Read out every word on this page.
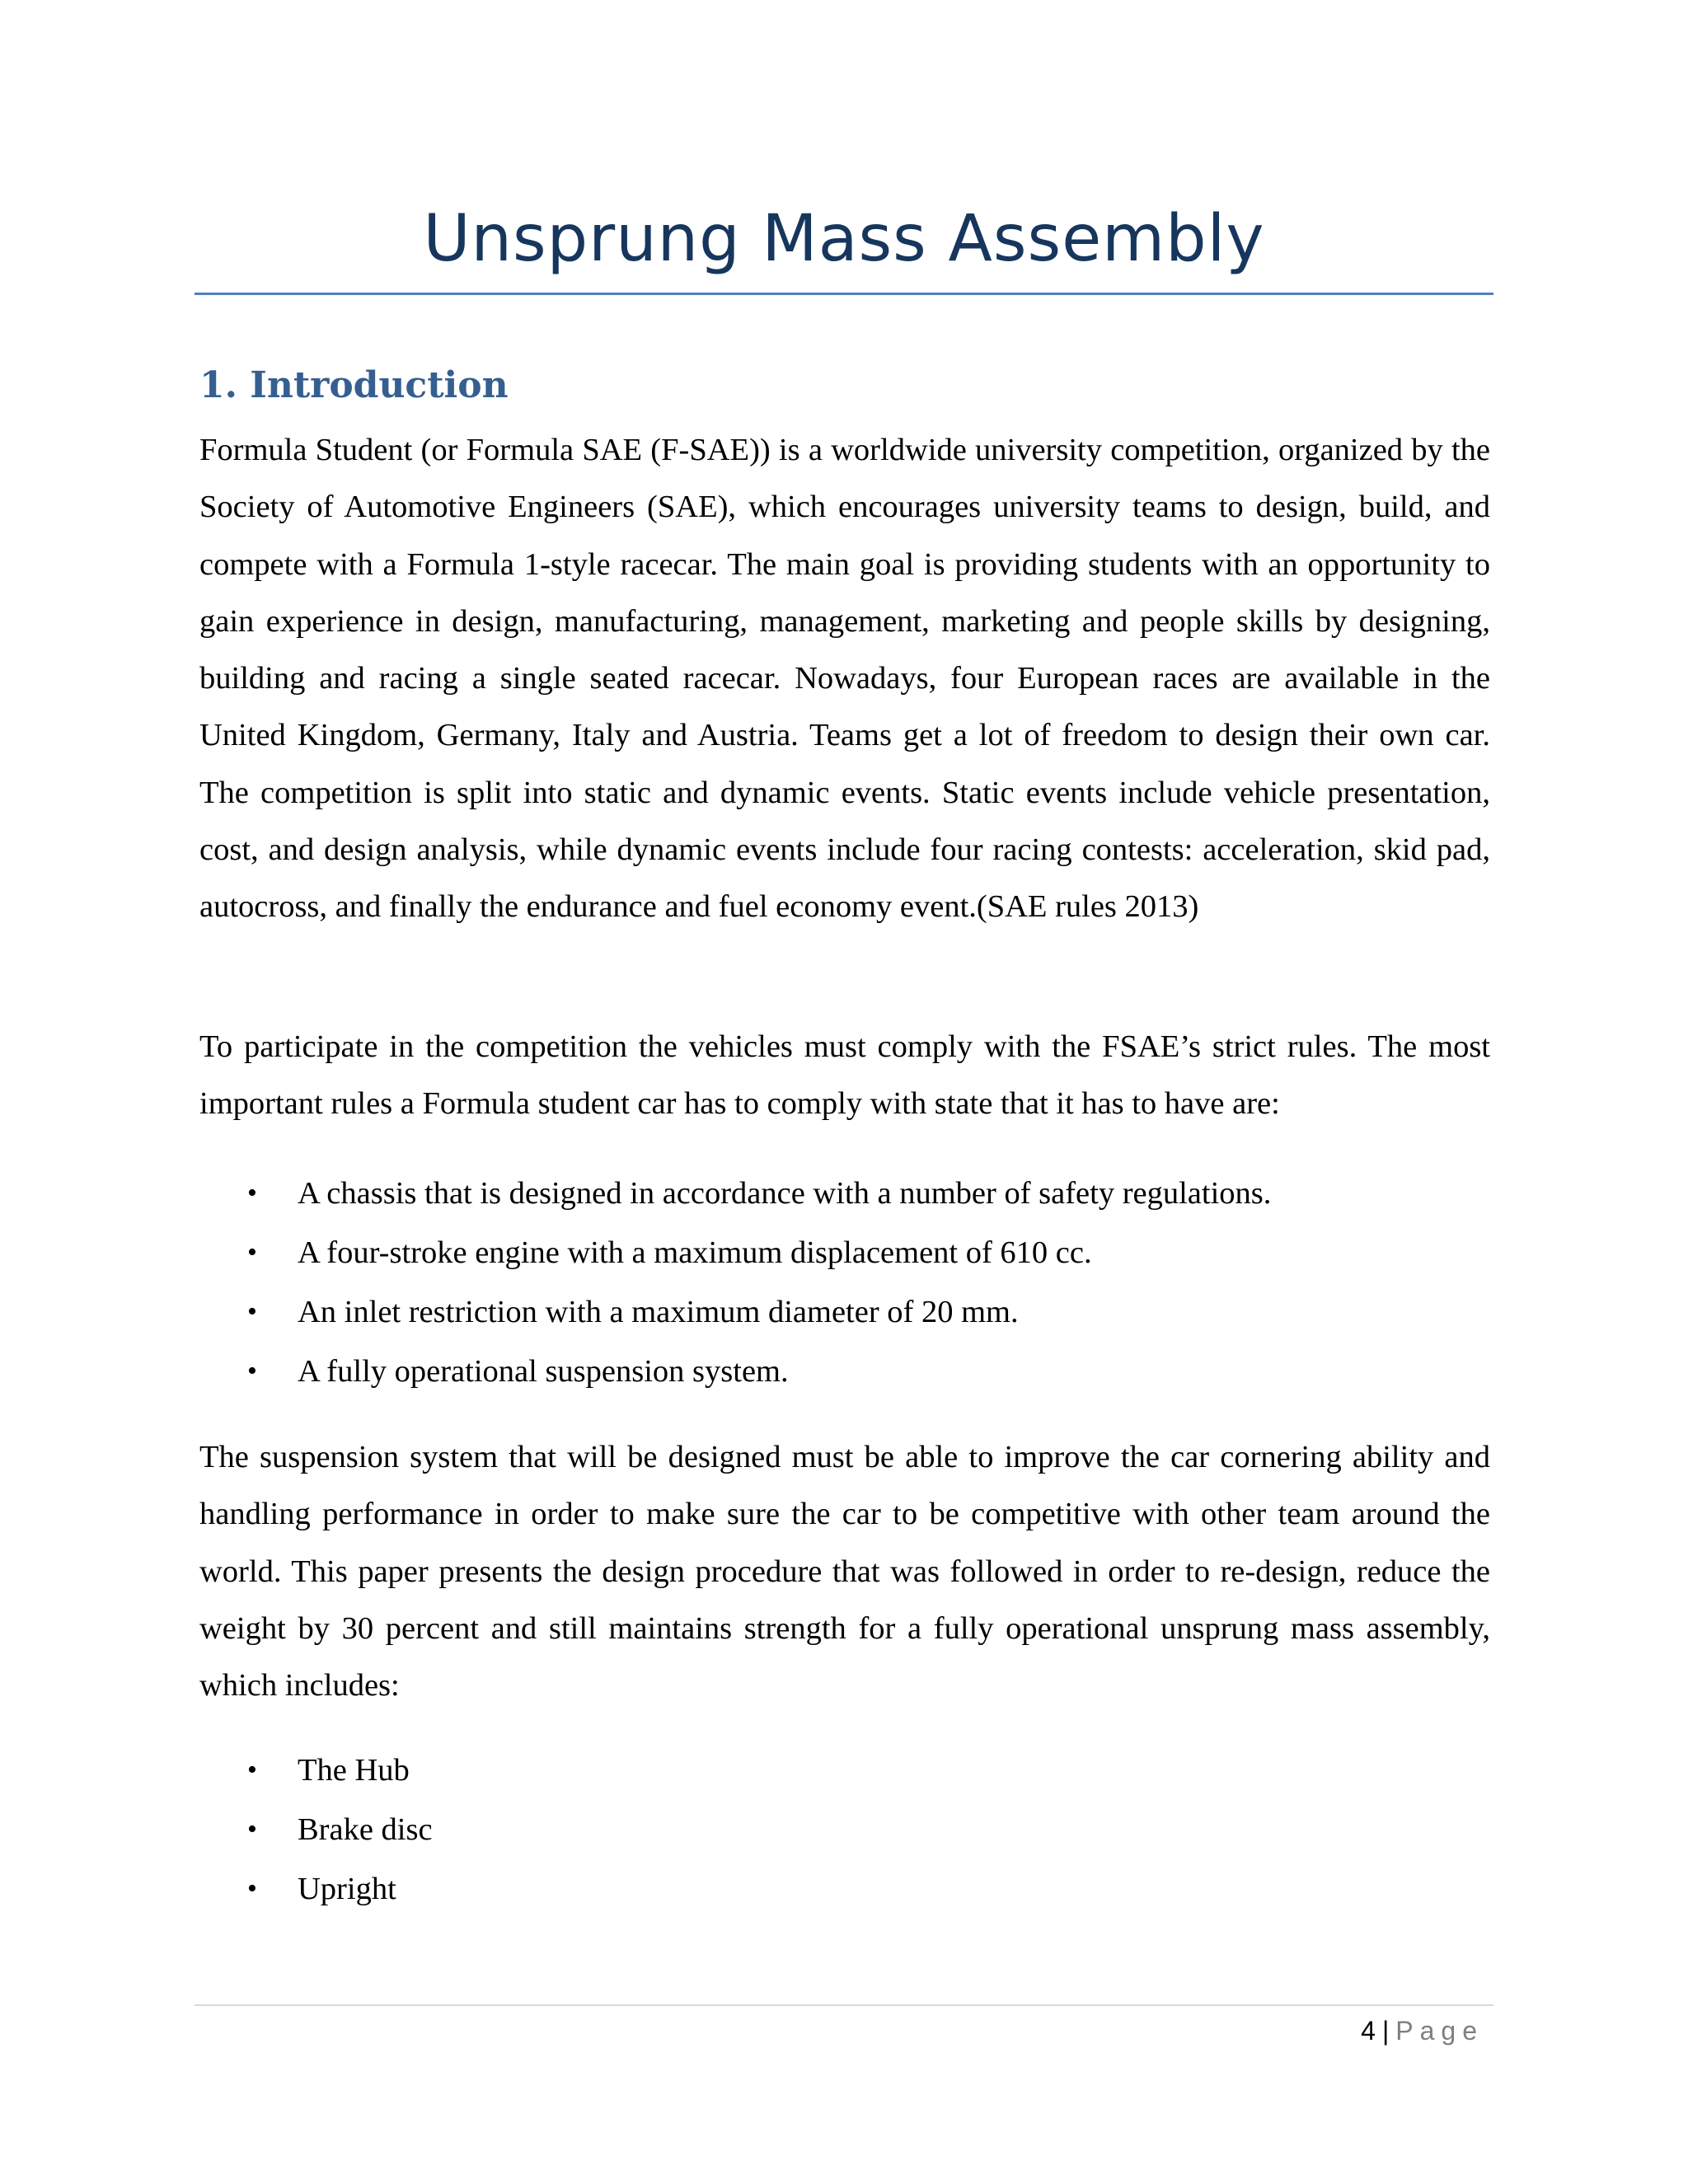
Unsprung Mass Assembly
1. Introduction

Formula Student (or Formula SAE (F-SAE)) is a worldwide university competition, organized by the Society of Automotive Engineers (SAE), which encourages university teams to design, build, and compete with a Formula 1-style racecar. The main goal is providing students with an opportunity to gain experience in design, manufacturing, management, marketing and people skills by designing, building and racing a single seated racecar. Nowadays, four European races are available in the United Kingdom, Germany, Italy and Austria. Teams get a lot of freedom to design their own car. The competition is split into static and dynamic events. Static events include vehicle presentation, cost, and design analysis, while dynamic events include four racing contests: acceleration, skid pad, autocross, and finally the endurance and fuel economy event.(SAE rules 2013)

To participate in the competition the vehicles must comply with the FSAE’s strict rules. The most important rules a Formula student car has to comply with state that it has to have are:

• A chassis that is designed in accordance with a number of safety regulations.
• A four-stroke engine with a maximum displacement of 610 cc.
• An inlet restriction with a maximum diameter of 20 mm.
• A fully operational suspension system.

The suspension system that will be designed must be able to improve the car cornering ability and handling performance in order to make sure the car to be competitive with other team around the world. This paper presents the design procedure that was followed in order to re-design, reduce the weight by 30 percent and still maintains strength for a fully operational unsprung mass assembly, which includes:

• The Hub
• Brake disc
• Upright
4 | Page
